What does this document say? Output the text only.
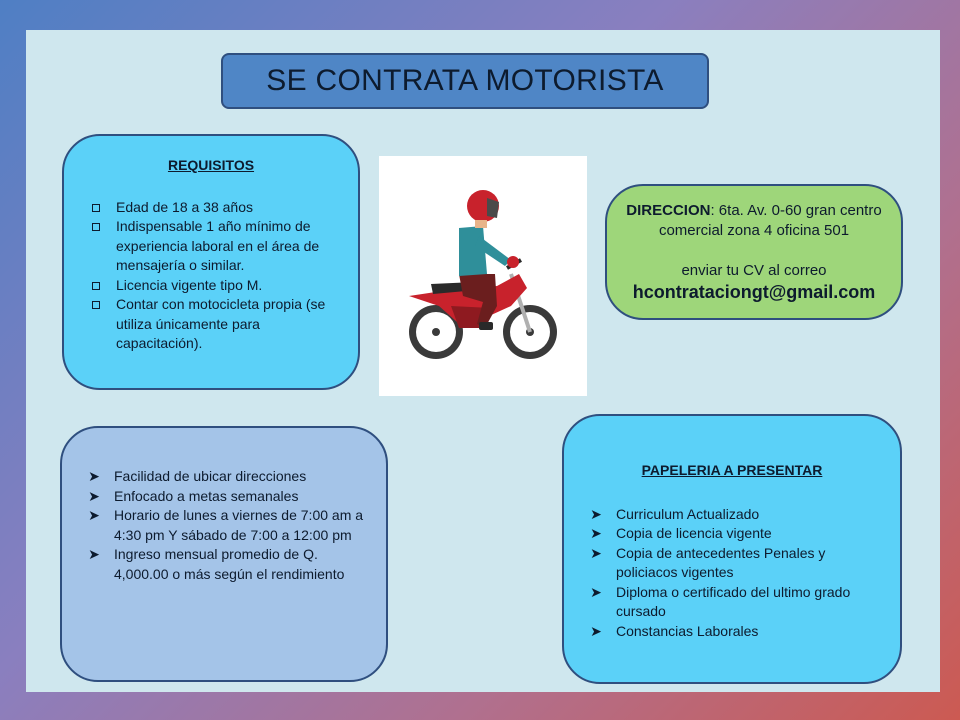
SE CONTRATA MOTORISTA
REQUISITOS
Edad de 18 a 38 años
Indispensable 1 año mínimo de experiencia laboral en el área de mensajería o similar.
Licencia vigente tipo M.
Contar con motocicleta propia (se utiliza únicamente para capacitación).
DIRECCION: 6ta. Av. 0-60 gran centro comercial zona 4 oficina 501
enviar tu CV al correo
hcontrataciongt@gmail.com
➤ Facilidad de ubicar direcciones
➤ Enfocado a metas semanales
➤ Horario de lunes a viernes de 7:00 am a 4:30 pm Y sábado de 7:00 a 12:00 pm
➤ Ingreso mensual promedio de Q. 4,000.00 o más según el rendimiento
PAPELERIA A PRESENTAR
➤ Curriculum Actualizado
➤ Copia de licencia vigente
➤ Copia de antecedentes Penales y policiacos vigentes
➤ Diploma o certificado del ultimo grado cursado
➤ Constancias Laborales
